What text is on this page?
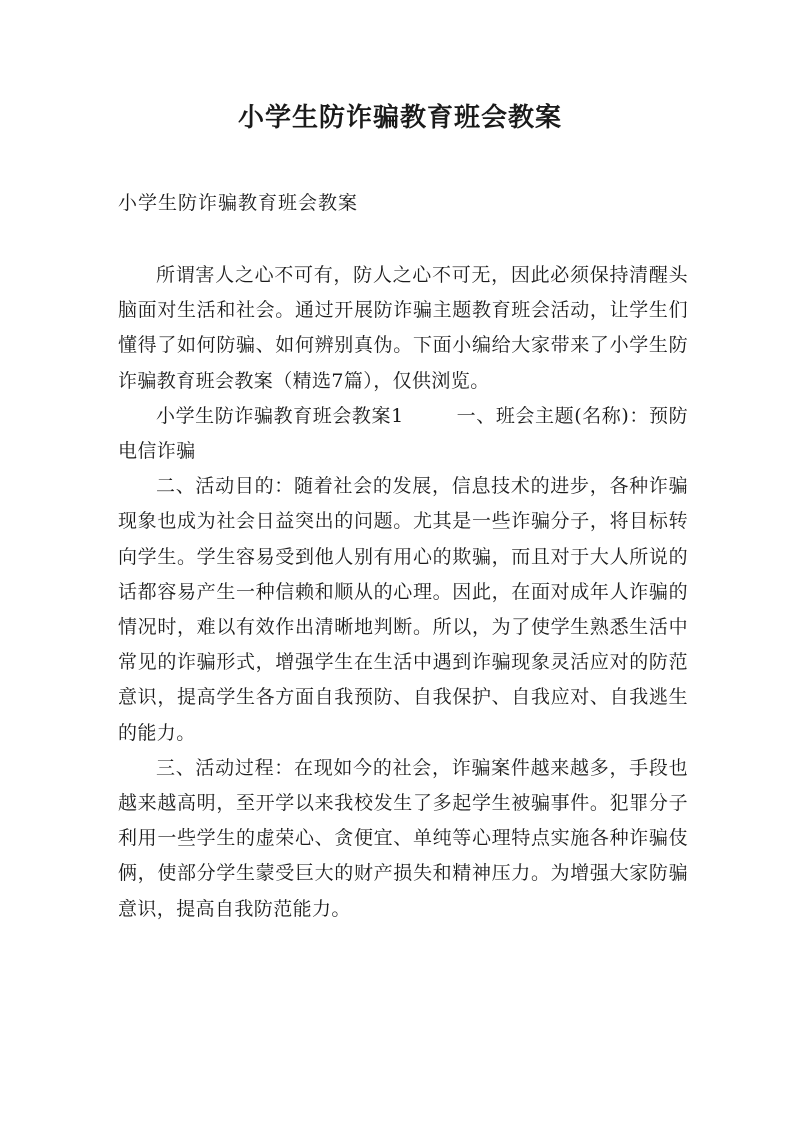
小学生防诈骗教育班会教案
小学生防诈骗教育班会教案

所谓害人之心不可有，防人之心不可无，因此必须保持清醒头脑面对生活和社会。通过开展防诈骗主题教育班会活动，让学生们懂得了如何防骗、如何辨别真伪。下面小编给大家带来了小学生防诈骗教育班会教案（精选7篇），仅供浏览。

小学生防诈骗教育班会教案1        一、班会主题(名称)：预防电信诈骗

二、活动目的：随着社会的发展，信息技术的进步，各种诈骗现象也成为社会日益突出的问题。尤其是一些诈骗分子，将目标转向学生。学生容易受到他人别有用心的欺骗，而且对于大人所说的话都容易产生一种信赖和顺从的心理。因此，在面对成年人诈骗的情况时，难以有效作出清晰地判断。所以，为了使学生熟悉生活中常见的诈骗形式，增强学生在生活中遇到诈骗现象灵活应对的防范意识，提高学生各方面自我预防、自我保护、自我应对、自我逃生的能力。

三、活动过程：在现如今的社会，诈骗案件越来越多，手段也越来越高明，至开学以来我校发生了多起学生被骗事件。犯罪分子利用一些学生的虚荣心、贪便宜、单纯等心理特点实施各种诈骗伎俩，使部分学生蒙受巨大的财产损失和精神压力。为增强大家防骗意识，提高自我防范能力。
